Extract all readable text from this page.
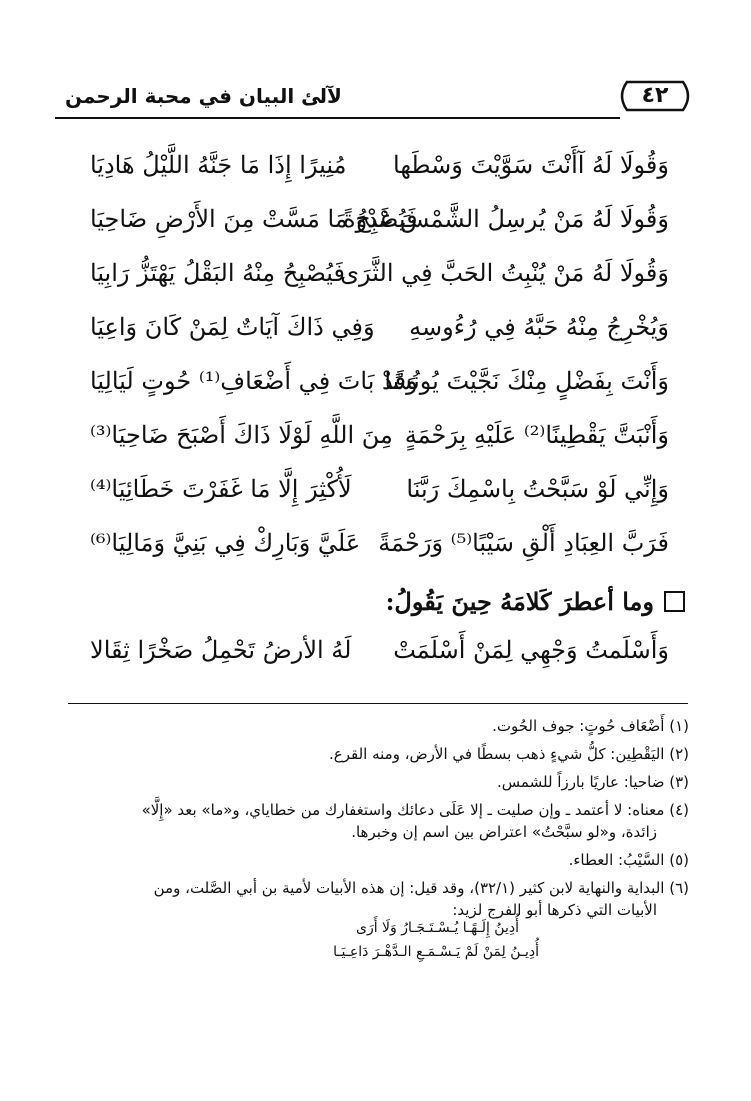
٤٢
لآلئ البيان في محبة الرحمن
وَقُولَا لَهُ آأَنْتَ سَوَّيْتَ وَسْطَها
مُنِيرًا إِذَا مَا جَنَّهُ اللَّيْلُ هَادِيَا
وَقُولَا لَهُ مَنْ يُرسِلُ الشَّمْسَ غَدْوَةً
فَيُصْبِحُ مَا مَسَّتْ مِنَ الأَرْضِ ضَاحِيَا
وَقُولَا لَهُ مَنْ يُنْبِتُ الحَبَّ فِي الثَّرَى
فَيُصْبِحُ مِنْهُ البَقْلُ يَهْتَزُّ رَابِيَا
وَيُخْرِجُ مِنْهُ حَبَّهُ فِي رُءُوسِهِ
وَفِي ذَاكَ آيَاتٌ لِمَنْ كَانَ وَاعِيَا
وَأَنْتَ بِفَضْلٍ مِنْكَ نَجَّيْتَ يُونُسًا
وَقَدْ بَاتَ فِي أَضْعَافِ⁽¹⁾ حُوتٍ لَيَالِيَا
وَأَنْبَتَّ يَقْطِينًا⁽²⁾ عَلَيْهِ بِرَحْمَةٍ
مِنَ اللَّهِ لَوْلَا ذَاكَ أَصْبَحَ ضَاحِيَا⁽³⁾
وَإِنِّي لَوْ سَبَّحْتُ بِاسْمِكَ رَبَّنَا
لَأُكْثِرَ إِلَّا مَا غَفَرْتَ خَطَائِيَا⁽⁴⁾
فَرَبَّ العِبَادِ أَلْقِ سَيْبًا⁽⁵⁾ وَرَحْمَةً
عَلَيَّ وَبَارِكْ فِي بَنِيَّ وَمَالِيَا⁽⁶⁾
وما أعطرَ كَلامَهُ حِينَ يَقُولُ:
وَأَسْلَمتُ وَجْهِي لِمَنْ أَسْلَمَتْ
لَهُ الأرضُ تَحْمِلُ صَخْرًا ثِقَالا

(١) أَضْعَاف حُوتٍ: جوف الحُوت.

(٢) اليَقْطِين: كلُّ شيءٍ ذهب بسطًا في الأرض، ومنه القرع.

(٣) ضاحيا: عاريًا بارزاً للشمس.

(٤) معناه: لا أعتمد ـ وإن صليت ـ إلا عَلَى دعائك واستغفارك من خطاياي، و«ما» بعد «إِلَّا»

زائدة، و«لو سبَّحْتُ» اعتراض بين اسم إن وخبرها.

(٥) السَّيْبُ: العطاء.

(٦) البداية والنهاية لابن كثير (٣٢/١)، وقد قيل: إن هذه الأبيات لأمية بن أبي الصَّلت، ومن

الأبيات التي ذكرها أبو الفرج لزيد:

أُدِينُ إِلَـهًـا يُـسْـتَـجَـارُ وَلَا أَرَى
أُدِيـنُ لِمَنْ لَمْ يَـسْـمَـعِ الـدَّهْـرَ دَاعِـيَـا
